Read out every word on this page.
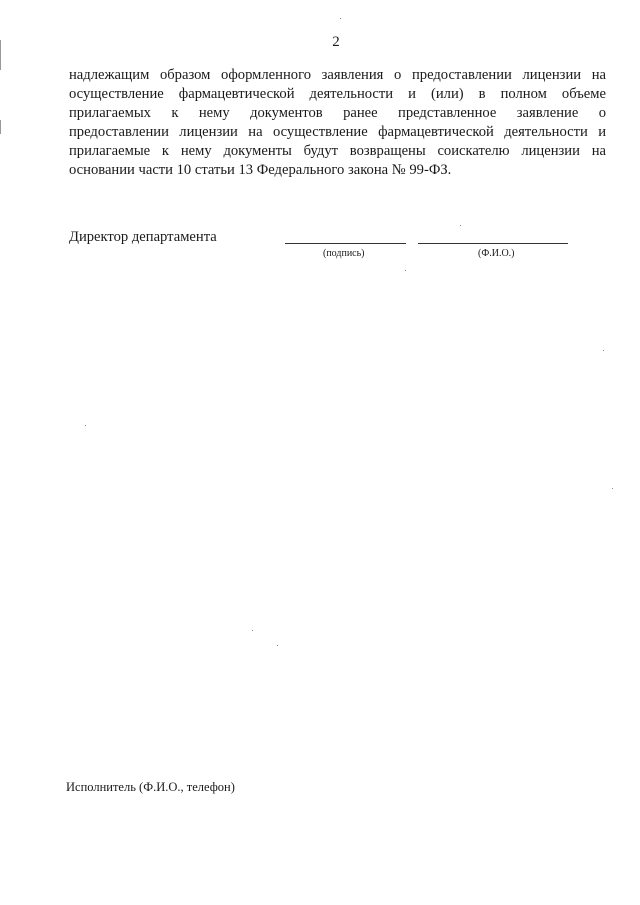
2
надлежащим образом оформленного заявления о предоставлении лицензии на
осуществление фармацевтической деятельности и (или) в полном объеме
прилагаемых к нему документов ранее представленное заявление о
предоставлении лицензии на осуществление фармацевтической деятельности и
прилагаемые к нему документы будут возвращены соискателю лицензии на
основании части 10 статьи 13 Федерального закона № 99-ФЗ.
Директор департамента
(подпись)	(Ф.И.О.)
Исполнитель (Ф.И.О., телефон)
